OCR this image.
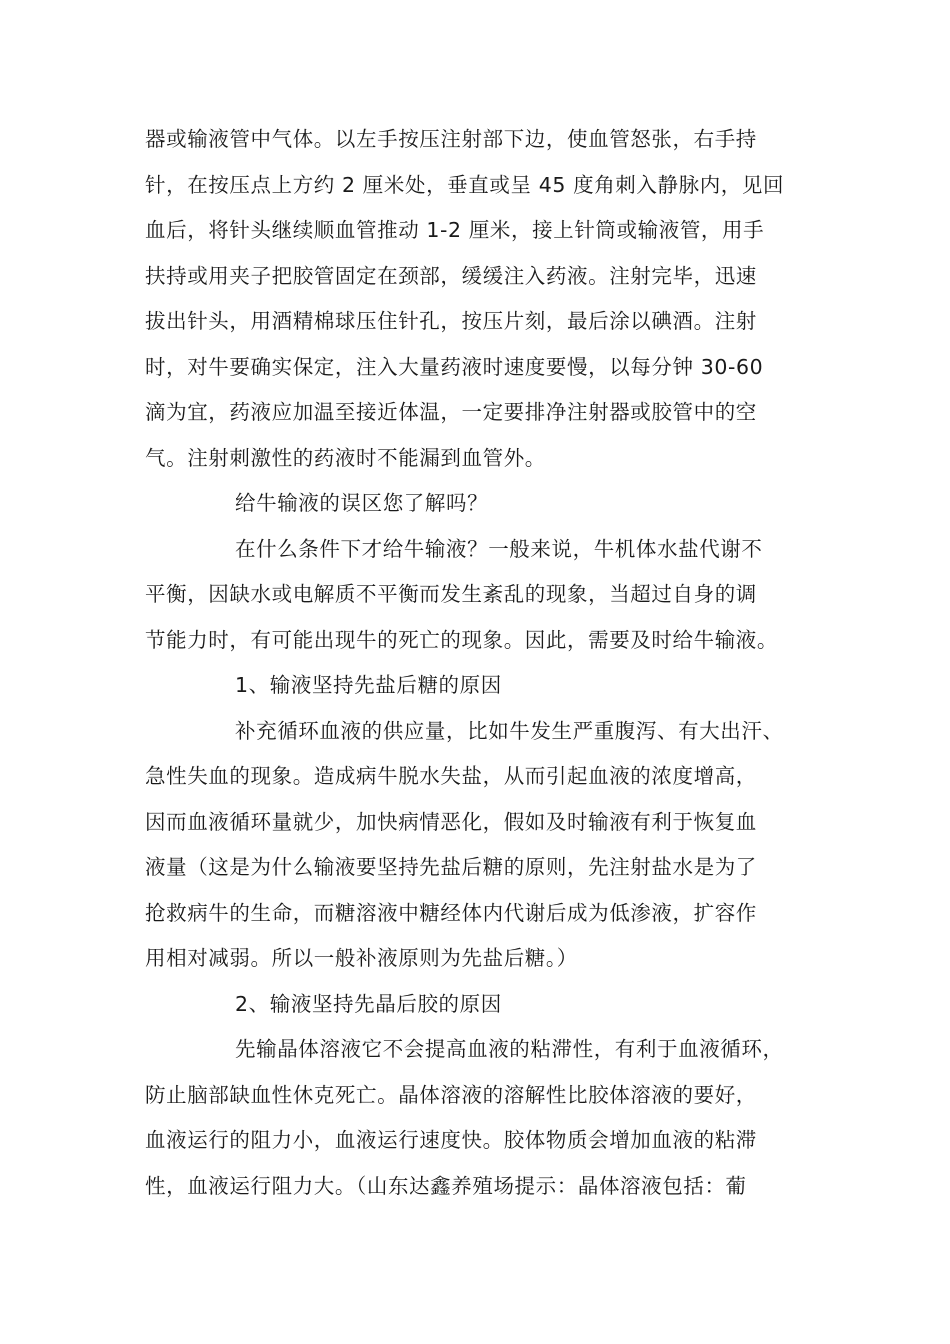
器或输液管中气体。以左手按压注射部下边，使血管怒张，右手持
针，在按压点上方约 2 厘米处，垂直或呈 45 度角刺入静脉内，见回
血后，将针头继续顺血管推动 1-2 厘米，接上针筒或输液管，用手
扶持或用夹子把胶管固定在颈部，缓缓注入药液。注射完毕，迅速
拔出针头，用酒精棉球压住针孔，按压片刻，最后涂以碘酒。注射
时，对牛要确实保定，注入大量药液时速度要慢，以每分钟 30-60
滴为宜，药液应加温至接近体温，一定要排净注射器或胶管中的空
气。注射刺激性的药液时不能漏到血管外。
给牛输液的误区您了解吗？
在什么条件下才给牛输液？一般来说，牛机体水盐代谢不
平衡，因缺水或电解质不平衡而发生紊乱的现象，当超过自身的调
节能力时，有可能出现牛的死亡的现象。因此，需要及时给牛输液。
1、输液坚持先盐后糖的原因
补充循环血液的供应量，比如牛发生严重腹泻、有大出汗、
急性失血的现象。造成病牛脱水失盐，从而引起血液的浓度增高，
因而血液循环量就少，加快病情恶化，假如及时输液有利于恢复血
液量（这是为什么输液要坚持先盐后糖的原则，先注射盐水是为了
抢救病牛的生命，而糖溶液中糖经体内代谢后成为低渗液，扩容作
用相对减弱。所以一般补液原则为先盐后糖。）
2、输液坚持先晶后胶的原因
先输晶体溶液它不会提高血液的粘滞性，有利于血液循环，
防止脑部缺血性休克死亡。晶体溶液的溶解性比胶体溶液的要好，
血液运行的阻力小，血液运行速度快。胶体物质会增加血液的粘滞
性，血液运行阻力大。（山东达鑫养殖场提示：晶体溶液包括：葡
